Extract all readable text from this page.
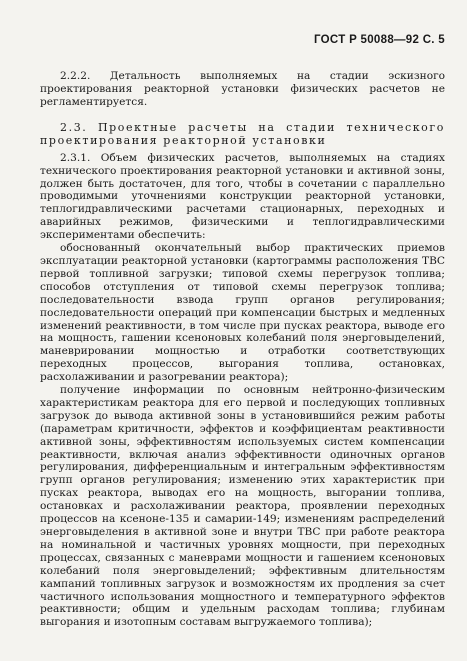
ГОСТ Р 50088—92 С. 5

2.2.2. Детальность выполняемых на стадии эскизного проектирования реакторной установки физических расчетов не регламентируется.

2.3. Проектные расчеты на стадии технического проектирования реакторной установки

2.3.1. Объем физических расчетов, выполняемых на стадиях технического проектирования реакторной установки и активной зоны, должен быть достаточен, для того, чтобы в сочетании с параллельно проводимыми уточнениями конструкции реакторной установки, теплогидравлическими расчетами стационарных, переходных и аварийных режимов, физическими и теплогидравлическими экспериментами обеспечить:

обоснованный окончательный выбор практических приемов эксплуатации реакторной установки (картограммы расположения ТВС первой топливной загрузки; типовой схемы перегрузок топлива; способов отступления от типовой схемы перегрузок топлива; последовательности взвода групп органов регулирования; последовательности операций при компенсации быстрых и медленных изменений реактивности, в том числе при пусках реактора, выводе его на мощность, гашении ксеноновых колебаний поля энерговыделений, маневрировании мощностью и отработки соответствующих переходных процессов, выгорания топлива, остановках, расхолаживании и разогревании реактора);

получение информации по основным нейтронно-физическим характеристикам реактора для его первой и последующих топливных загрузок до вывода активной зоны в установившийся режим работы (параметрам критичности, эффектов и коэффициентам реактивности активной зоны, эффективностям используемых систем компенсации реактивности, включая анализ эффективности одиночных органов регулирования, дифференциальным и интегральным эффективностям групп органов регулирования; изменению этих характеристик при пусках реактора, выводах его на мощность, выгорании топлива, остановках и расхолаживании реактора, проявлении переходных процессов на ксеноне-135 и самарии-149; изменениям распределений энерговыделения в активной зоне и внутри ТВС при работе реактора на номинальной и частичных уровнях мощности, при переходных процессах, связанных с маневрами мощности и гашением ксеноновых колебаний поля энерговыделений; эффективным длительностям кампаний топливных загрузок и возможностям их продления за счет частичного использования мощностного и температурного эффектов реактивности; общим и удельным расходам топлива; глубинам выгорания и изотопным составам выгружаемого топлива);
